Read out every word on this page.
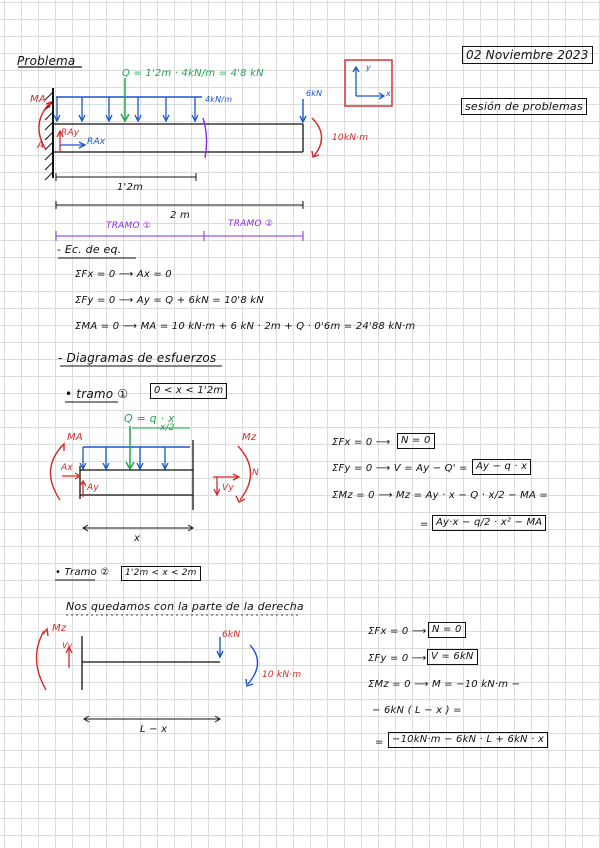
Problema	02 Noviembre 2023
sesión de problemas
y
x
Q = 1'2m · 4kN/m = 4'8 kN
4kN/m
6kN
10kN·m
MA
RAy
RAx
A
1'2m
2 m
TRAMO ①	TRAMO ②
- Ec. de eq.
ΣFx = 0 ⟶ Ax = 0
ΣFy = 0 ⟶ Ay = Q + 6kN = 10'8 kN
ΣMA = 0 ⟶ MA = 10 kN·m + 6 kN · 2m + Q · 0'6m = 24'88 kN·m
- Diagramas de esfuerzos
• tramo ①	0 < x < 1'2m
Q = q · x
x/2
MA	Mz
Ax
Ay
N
Vy
x
ΣFx = 0 ⟶	N = 0
ΣFy = 0 ⟶ V = Ay − Q' = Ay − q · x
ΣMz = 0 ⟶ Mz = Ay · x − Q · x/2 − MA =
= Ay·x − q/2 · x² − MA
• Tramo ②	1'2m < x < 2m
Nos quedamos con la parte de la derecha
Mz
Vy
6kN
10 kN·m
L − x
ΣFx = 0 ⟶ N = 0
ΣFy = 0 ⟶ V = 6kN
ΣMz = 0 ⟶ M = −10 kN·m −
− 6kN ( L − x ) =
= −10kN·m − 6kN · L + 6kN · x
